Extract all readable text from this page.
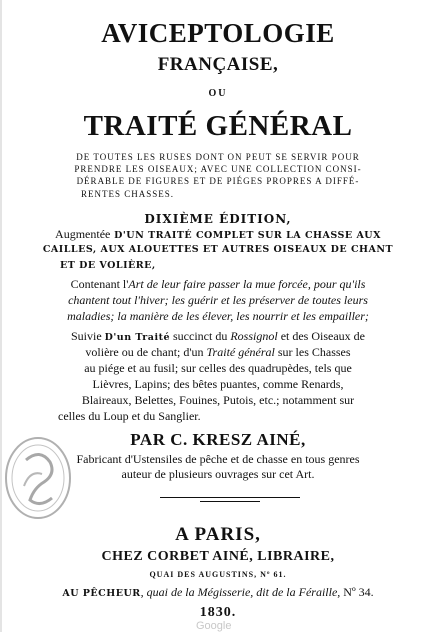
AVICEPTOLOGIE
FRANÇAISE,
OU
TRAITÉ GÉNÉRAL
DE TOUTES LES RUSES DONT ON PEUT SE SERVIR POUR
PRENDRE LES OISEAUX; AVEC UNE COLLECTION CONSI-
DÉRABLE DE FIGURES ET DE PIÉGES PROPRES A DIFFÉ-
RENTES CHASSES.
DIXIÈME ÉDITION,
Augmentée D'UN TRAITÉ COMPLET SUR LA CHASSE AUX
CAILLES, AUX ALOUETTES ET AUTRES OISEAUX DE CHANT
ET DE VOLIÈRE,
Contenant l'Art de leur faire passer la mue forcée, pour qu'ils
chantent tout l'hiver; les guérir et les préserver de toutes leurs
maladies; la manière de les élever, les nourrir et les empailler;
Suivie D'un Traité succinct du Rossignol et des Oiseaux de
volière ou de chant; d'un Traité général sur les Chasses
au piége et au fusil; sur celles des quadrupèdes, tels que
Lièvres, Lapins; des bêtes puantes, comme Renards,
Blaireaux, Belettes, Fouines, Putois, etc.; notamment sur
celles du Loup et du Sanglier.
PAR C. KRESZ AINÉ,
Fabricant d'Ustensiles de pêche et de chasse en tous genres
auteur de plusieurs ouvrages sur cet Art.
A PARIS,
CHEZ CORBET AINÉ, LIBRAIRE,
QUAI DES AUGUSTINS, Nº 61.
AU PÊCHEUR, quai de la Mégisserie, dit de la Féraille, Nº 34.
1830.
Google
